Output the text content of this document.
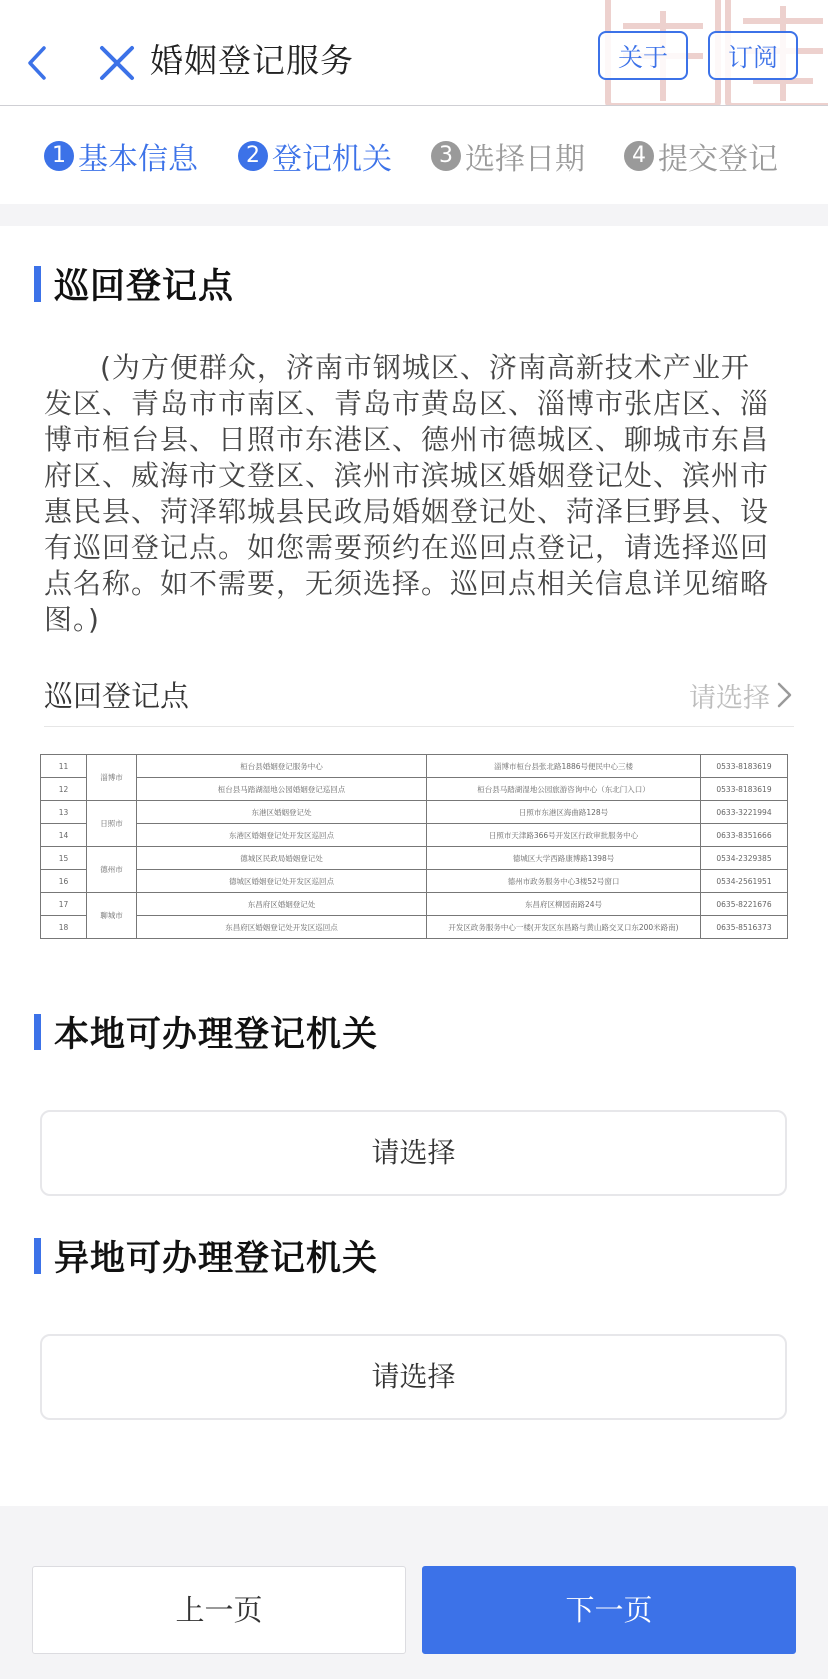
婚姻登记服务	关于	订阅
1 基本信息	2 登记机关	3 选择日期	4 提交登记
巡回登记点
(为方便群众，济南市钢城区、济南高新技术产业开发区、青岛市市南区、青岛市黄岛区、淄博市张店区、淄博市桓台县、日照市东港区、德州市德城区、聊城市东昌府区、威海市文登区、滨州市滨城区婚姻登记处、滨州市惠民县、菏泽郓城县民政局婚姻登记处、菏泽巨野县、设有巡回登记点。如您需要预约在巡回点登记，请选择巡回点名称。如不需要，无须选择。巡回点相关信息详见缩略图。)
巡回登记点	请选择
11	淄博市	桓台县婚姻登记服务中心	淄博市桓台县张北路1886号便民中心三楼	0533-8183619
12		桓台县马踏湖湿地公园婚姻登记巡回点	桓台县马踏湖湿地公园旅游咨询中心（东北门入口）	0533-8183619
13	日照市	东港区婚姻登记处	日照市东港区海曲路128号	0633-3221994
14		东港区婚姻登记处开发区巡回点	日照市天津路366号开发区行政审批服务中心	0633-8351666
15	德州市	德城区民政局婚姻登记处	德城区大学西路康博路1398号	0534-2329385
16		德城区婚姻登记处开发区巡回点	德州市政务服务中心3楼52号窗口	0534-2561951
17	聊城市	东昌府区婚姻登记处	东昌府区柳园南路24号	0635-8221676
18		东昌府区婚姻登记处开发区巡回点	开发区政务服务中心一楼(开发区东昌路与黄山路交叉口东200米路南)	0635-8516373
本地可办理登记机关
请选择
异地可办理登记机关
请选择
上一页	下一页
